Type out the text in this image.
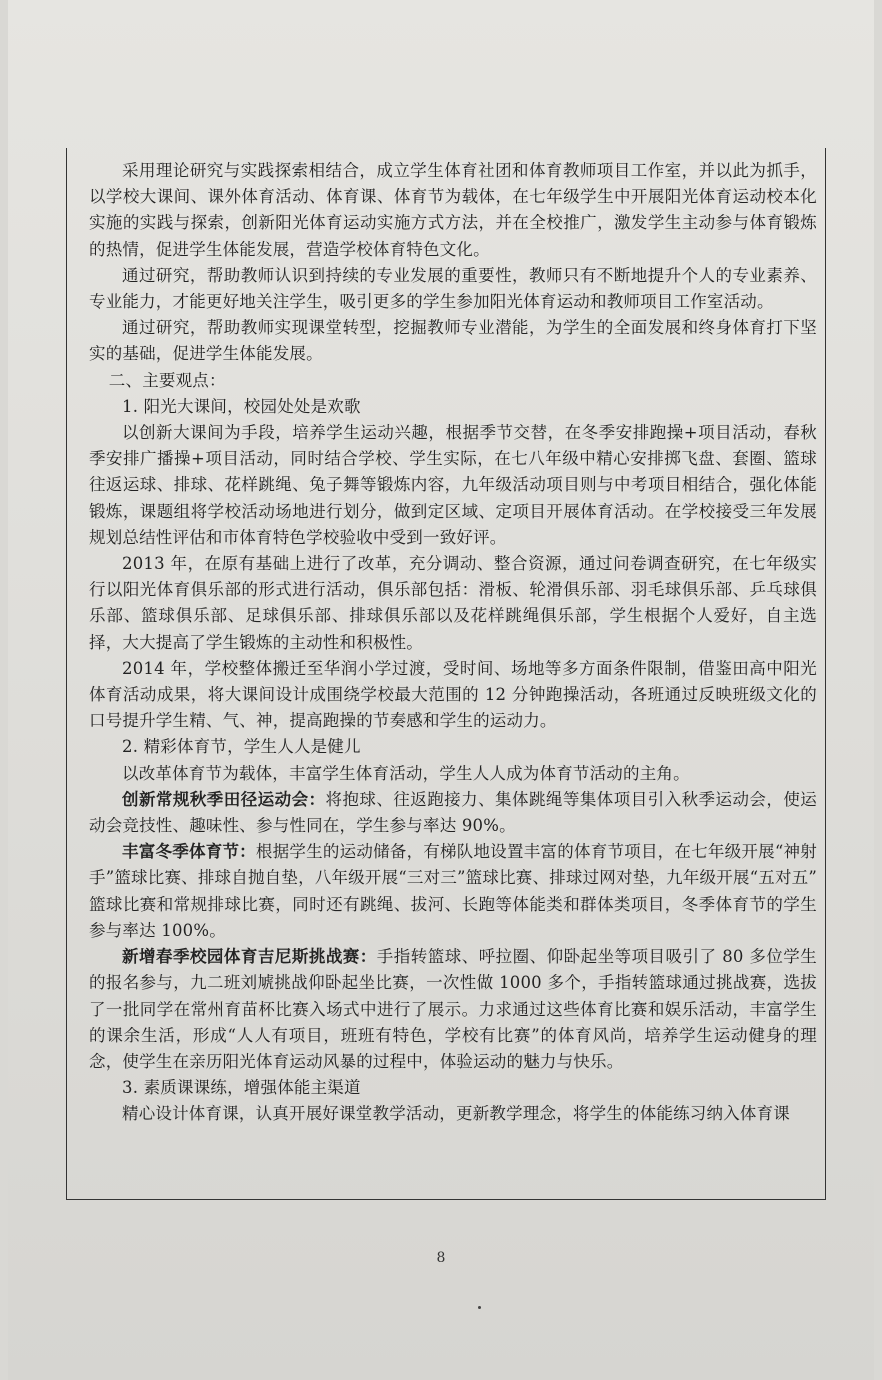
采用理论研究与实践探索相结合，成立学生体育社团和体育教师项目工作室，并以此为抓手，以学校大课间、课外体育活动、体育课、体育节为载体，在七年级学生中开展阳光体育运动校本化实施的实践与探索，创新阳光体育运动实施方式方法，并在全校推广，激发学生主动参与体育锻炼的热情，促进学生体能发展，营造学校体育特色文化。

通过研究，帮助教师认识到持续的专业发展的重要性，教师只有不断地提升个人的专业素养、专业能力，才能更好地关注学生，吸引更多的学生参加阳光体育运动和教师项目工作室活动。

通过研究，帮助教师实现课堂转型，挖掘教师专业潜能，为学生的全面发展和终身体育打下坚实的基础，促进学生体能发展。

二、主要观点：

1. 阳光大课间，校园处处是欢歌

以创新大课间为手段，培养学生运动兴趣，根据季节交替，在冬季安排跑操+项目活动，春秋季安排广播操+项目活动，同时结合学校、学生实际，在七八年级中精心安排掷飞盘、套圈、篮球往返运球、排球、花样跳绳、兔子舞等锻炼内容，九年级活动项目则与中考项目相结合，强化体能锻炼，课题组将学校活动场地进行划分，做到定区域、定项目开展体育活动。在学校接受三年发展规划总结性评估和市体育特色学校验收中受到一致好评。

2013 年，在原有基础上进行了改革，充分调动、整合资源，通过问卷调查研究，在七年级实行以阳光体育俱乐部的形式进行活动，俱乐部包括：滑板、轮滑俱乐部、羽毛球俱乐部、乒乓球俱乐部、篮球俱乐部、足球俱乐部、排球俱乐部以及花样跳绳俱乐部，学生根据个人爱好，自主选择，大大提高了学生锻炼的主动性和积极性。

2014 年，学校整体搬迁至华润小学过渡，受时间、场地等多方面条件限制，借鉴田高中阳光体育活动成果，将大课间设计成围绕学校最大范围的 12 分钟跑操活动，各班通过反映班级文化的口号提升学生精、气、神，提高跑操的节奏感和学生的运动力。

2. 精彩体育节，学生人人是健儿

以改革体育节为载体，丰富学生体育活动，学生人人成为体育节活动的主角。

创新常规秋季田径运动会：将抱球、往返跑接力、集体跳绳等集体项目引入秋季运动会，使运动会竞技性、趣味性、参与性同在，学生参与率达 90%。

丰富冬季体育节：根据学生的运动储备，有梯队地设置丰富的体育节项目，在七年级开展“神射手”篮球比赛、排球自抛自垫，八年级开展“三对三”篮球比赛、排球过网对垫，九年级开展“五对五” 篮球比赛和常规排球比赛，同时还有跳绳、拔河、长跑等体能类和群体类项目，冬季体育节的学生参与率达 100%。

新增春季校园体育吉尼斯挑战赛：手指转篮球、呼拉圈、仰卧起坐等项目吸引了 80 多位学生的报名参与，九二班刘虓挑战仰卧起坐比赛，一次性做 1000 多个，手指转篮球通过挑战赛，选拔了一批同学在常州育苗杯比赛入场式中进行了展示。力求通过这些体育比赛和娱乐活动，丰富学生的课余生活，形成“人人有项目，班班有特色，学校有比赛”的体育风尚，培养学生运动健身的理念，使学生在亲历阳光体育运动风暴的过程中，体验运动的魅力与快乐。

3. 素质课课练，增强体能主渠道

精心设计体育课，认真开展好课堂教学活动，更新教学理念，将学生的体能练习纳入体育课

8
